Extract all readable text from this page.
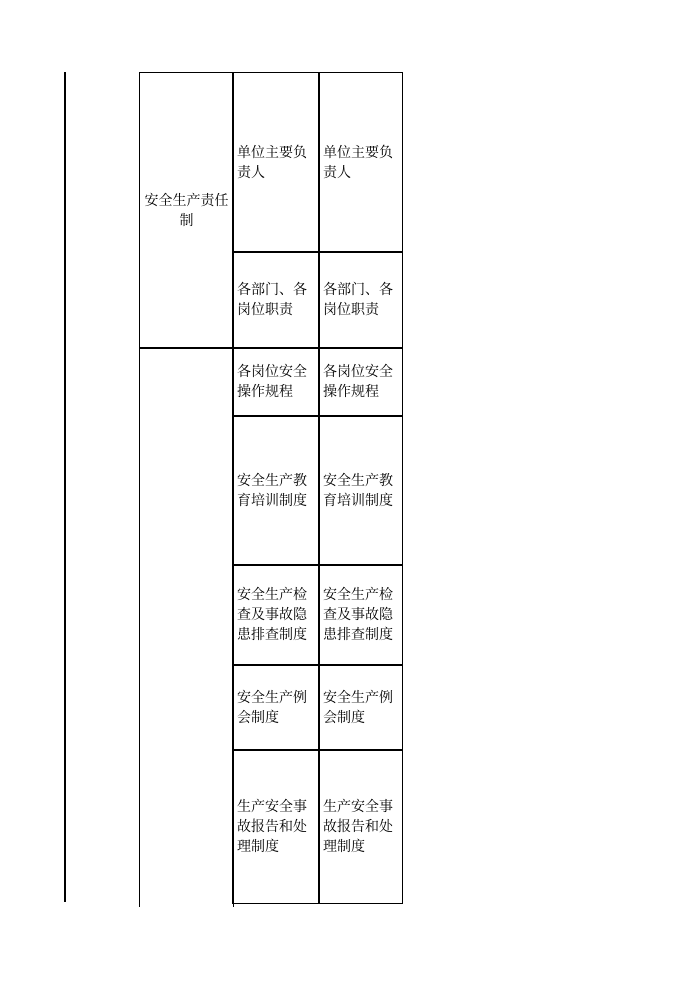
安全生产责任制
单位主要负责人
单位主要负责人
各部门、各岗位职责
各部门、各岗位职责
各岗位安全操作规程
各岗位安全操作规程
安全生产教育培训制度
安全生产教育培训制度
安全生产检查及事故隐患排查制度
安全生产检查及事故隐患排查制度
安全生产例会制度
安全生产例会制度
生产安全事故报告和处理制度
生产安全事故报告和处理制度
